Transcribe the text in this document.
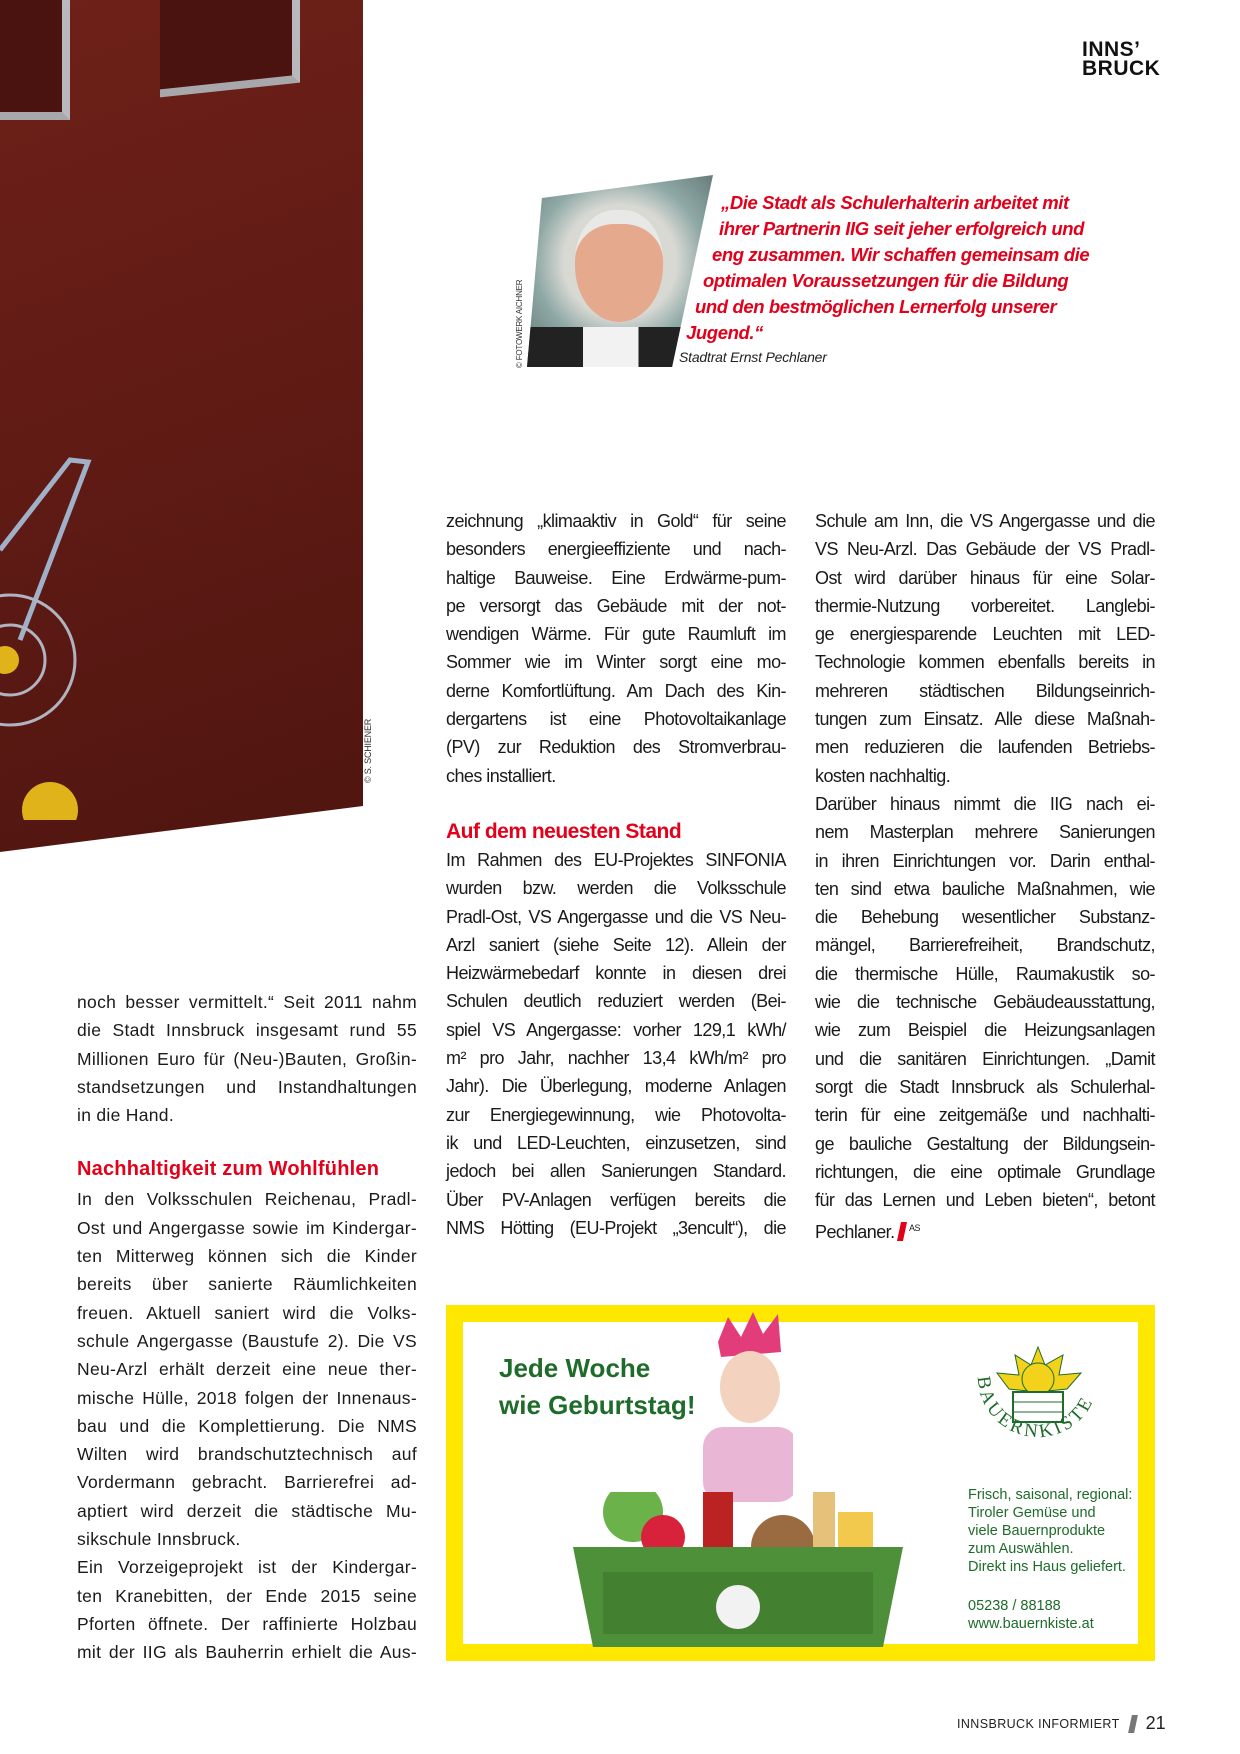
© S. SCHIENER
INNS’
BRUCK
© FOTOWERK AICHNER
„Die Stadt als Schulerhalterin arbeitet mit
ihrer Partnerin IIG seit jeher erfolgreich und
eng zusammen. Wir schaffen gemeinsam die
optimalen Voraussetzungen für die Bildung
und den bestmöglichen Lernerfolg unserer
Jugend.“
Stadtrat Ernst Pechlaner
noch besser vermittelt.“ Seit 2011 nahm
die Stadt Innsbruck insgesamt rund 55
Millionen Euro für (Neu-)Bauten, Großin-
standsetzungen und Instandhaltungen
in die Hand.
Nachhaltigkeit zum Wohlfühlen
In den Volksschulen Reichenau, Pradl-
Ost und Angergasse sowie im Kindergar-
ten Mitterweg können sich die Kinder
bereits über sanierte Räumlichkeiten
freuen. Aktuell saniert wird die Volks-
schule Angergasse (Baustufe 2). Die VS
Neu-Arzl erhält derzeit eine neue ther-
mische Hülle, 2018 folgen der Innenaus-
bau und die Komplettierung. Die NMS
Wilten wird brandschutztechnisch auf
Vordermann gebracht. Barrierefrei ad-
aptiert wird derzeit die städtische Mu-
sikschule Innsbruck.
Ein Vorzeigeprojekt ist der Kindergar-
ten Kranebitten, der Ende 2015 seine
Pforten öffnete. Der raffinierte Holzbau
mit der IIG als Bauherrin erhielt die Aus-
zeichnung „klimaaktiv in Gold“ für seine
besonders energieeffiziente und nach-
haltige Bauweise. Eine Erdwärme-pum-
pe versorgt das Gebäude mit der not-
wendigen Wärme. Für gute Raumluft im
Sommer wie im Winter sorgt eine mo-
derne Komfortlüftung. Am Dach des Kin-
dergartens ist eine Photovoltaikanlage
(PV) zur Reduktion des Stromverbrau-
ches installiert.
Auf dem neuesten Stand
Im Rahmen des EU-Projektes SINFONIA
wurden bzw. werden die Volksschule
Pradl-Ost, VS Angergasse und die VS Neu-
Arzl saniert (siehe Seite 12). Allein der
Heizwärmebedarf konnte in diesen drei
Schulen deutlich reduziert werden (Bei-
spiel VS Angergasse: vorher 129,1 kWh/
m² pro Jahr, nachher 13,4 kWh/m² pro
Jahr). Die Überlegung, moderne Anlagen
zur Energiegewinnung, wie Photovolta-
ik und LED-Leuchten, einzusetzen, sind
jedoch bei allen Sanierungen Standard.
Über PV-Anlagen verfügen bereits die
NMS Hötting (EU-Projekt „3encult“), die
Schule am Inn, die VS Angergasse und die
VS Neu-Arzl. Das Gebäude der VS Pradl-
Ost wird darüber hinaus für eine Solar-
thermie-Nutzung vorbereitet. Langlebi-
ge energiesparende Leuchten mit LED-
Technologie kommen ebenfalls bereits in
mehreren städtischen Bildungseinrich-
tungen zum Einsatz. Alle diese Maßnah-
men reduzieren die laufenden Betriebs-
kosten nachhaltig.
Darüber hinaus nimmt die IIG nach ei-
nem Masterplan mehrere Sanierungen
in ihren Einrichtungen vor. Darin enthal-
ten sind etwa bauliche Maßnahmen, wie
die Behebung wesentlicher Substanz-
mängel, Barrierefreiheit, Brandschutz,
die thermische Hülle, Raumakustik so-
wie die technische Gebäudeausstattung,
wie zum Beispiel die Heizungsanlagen
und die sanitären Einrichtungen. „Damit
sorgt die Stadt Innsbruck als Schulerhal-
terin für eine zeitgemäße und nachhalti-
ge bauliche Gestaltung der Bildungsein-
richtungen, die eine optimale Grundlage
für das Lernen und Leben bieten“, betont
Pechlaner. $^{AS}$
Jede Woche
wie Geburtstag!
BAUERNKISTE
Frisch, saisonal, regional:
Tiroler Gemüse und
viele Bauernprodukte
zum Auswählen.
Direkt ins Haus geliefert.
05238 / 88188
www.bauernkiste.at
INNSBRUCK INFORMIERT 21
